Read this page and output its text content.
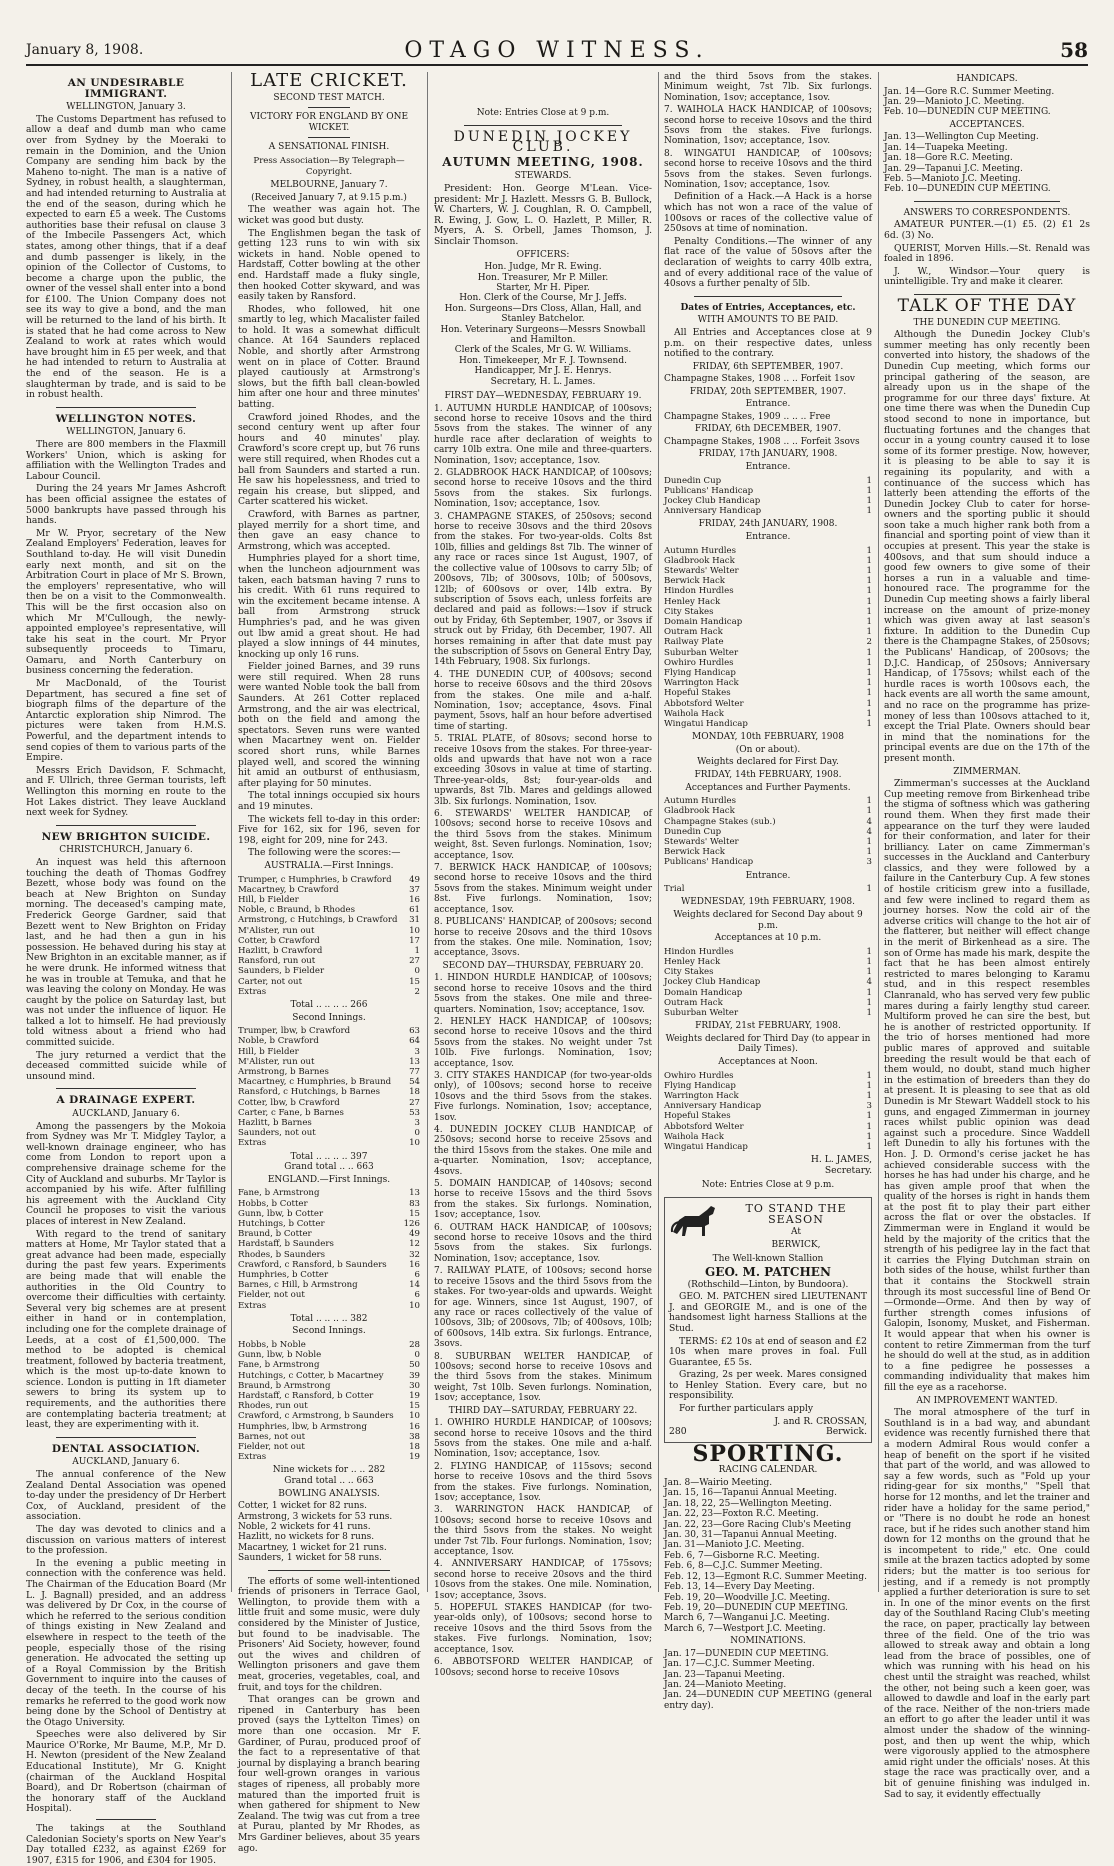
January 8, 1908.	OTAGO WITNESS.	58
AN UNDESIRABLE IMMIGRANT.
WELLINGTON, January 3.

The Customs Department has refused to allow a deaf and dumb man who came over from Sydney by the Moeraki to remain in the Dominion, and the Union Company are sending him back by the Maheno to-night. The man is a native of Sydney, in robust health, a slaughterman, and had intended returning to Australia at the end of the season, during which he expected to earn £5 a week. The Customs authorities base their refusal on clause 3 of the Imbecile Passengers Act, which states, among other things, that if a deaf and dumb passenger is likely, in the opinion of the Collector of Customs, to become a charge upon the public, the owner of the vessel shall enter into a bond for £100. The Union Company does not see its way to give a bond, and the man will be returned to the land of his birth. It is stated that he had come across to New Zealand to work at rates which would have brought him in £5 per week, and that he had intended to return to Australia at the end of the season. He is a slaughterman by trade, and is said to be in robust health.

WELLINGTON NOTES.
WELLINGTON, January 6.

There are 800 members in the Flaxmill Workers' Union, which is asking for affiliation with the Wellington Trades and Labour Council.

During the 24 years Mr James Ashcroft has been official assignee the estates of 5000 bankrupts have passed through his hands.

Mr W. Pryor, secretary of the New Zealand Employers' Federation, leaves for Southland to-day. He will visit Dunedin early next month, and sit on the Arbitration Court in place of Mr S. Brown, the employers' representative, who will then be on a visit to the Commonwealth. This will be the first occasion also on which Mr M'Cullough, the newly-appointed employee's representative, will take his seat in the court. Mr Pryor subsequently proceeds to Timaru, Oamaru, and North Canterbury on business concerning the federation.

Mr MacDonald, of the Tourist Department, has secured a fine set of biograph films of the departure of the Antarctic exploration ship Nimrod. The pictures were taken from H.M.S. Powerful, and the department intends to send copies of them to various parts of the Empire.

Messrs Erich Davidson, F. Schmacht, and F. Ullrich, three German tourists, left Wellington this morning en route to the Hot Lakes district. They leave Auckland next week for Sydney.

NEW BRIGHTON SUICIDE.
CHRISTCHURCH, January 6.

An inquest was held this afternoon touching the death of Thomas Godfrey Bezett, whose body was found on the beach at New Brighton on Sunday morning. The deceased's camping mate, Frederick George Gardner, said that Bezett went to New Brighton on Friday last, and he had then a gun in his possession. He behaved during his stay at New Brighton in an excitable manner, as if he were drunk. He informed witness that he was in trouble at Temuka, and that he was leaving the colony on Monday. He was caught by the police on Saturday last, but was not under the influence of liquor. He talked a lot to himself. He had previously told witness about a friend who had committed suicide.

The jury returned a verdict that the deceased committed suicide while of unsound mind.

A DRAINAGE EXPERT.
AUCKLAND, January 6.

Among the passengers by the Mokoia from Sydney was Mr T. Midgley Taylor, a well-known drainage engineer, who has come from London to report upon a comprehensive drainage scheme for the City of Auckland and suburbs. Mr Taylor is accompanied by his wife. After fulfilling his agreement with the Auckland City Council he proposes to visit the various places of interest in New Zealand.

With regard to the trend of sanitary matters at Home, Mr Taylor stated that a great advance had been made, especially during the past few years. Experiments are being made that will enable the authorities in the Old Country to overcome their difficulties with certainty. Several very big schemes are at present either in hand or in contemplation, including one for the complete drainage of Leeds, at a cost of £1,500,000. The method to be adopted is chemical treatment, followed by bacteria treatment, which is the most up-to-date known to science. London is putting in 1ft diameter sewers to bring its system up to requirements, and the authorities there are contemplating bacteria treatment; at least, they are experimenting with it.

DENTAL ASSOCIATION.
AUCKLAND, January 6.

The annual conference of the New Zealand Dental Association was opened to-day under the presidency of Dr Herbert Cox, of Auckland, president of the association.

The day was devoted to clinics and a discussion on various matters of interest to the profession.

In the evening a public meeting in connection with the conference was held. The Chairman of the Education Board (Mr L. J. Bagnall) presided, and an address was delivered by Dr Cox, in the course of which he referred to the serious condition of things existing in New Zealand and elsewhere in respect to the teeth of the people, especially those of the rising generation. He advocated the setting up of a Royal Commission by the British Government to inquire into the causes of decay of the teeth. In the course of his remarks he referred to the good work now being done by the School of Dentistry at the Otago University.

Speeches were also delivered by Sir Maurice O'Rorke, Mr Baume, M.P., Mr D. H. Newton (president of the New Zealand Educational Institute), Mr G. Knight (chairman of the Auckland Hospital Board), and Dr Robertson (chairman of the honorary staff of the Auckland Hospital).

The takings at the Southland Caledonian Society's sports on New Year's Day totalled £232, as against £269 for 1907, £315 for 1906, and £304 for 1905.

LATE CRICKET.
SECOND TEST MATCH.
VICTORY FOR ENGLAND BY ONE WICKET.
A SENSATIONAL FINISH.
Press Association—By Telegraph—Copyright.
MELBOURNE, January 7.
(Received January 7, at 9.15 p.m.)

The weather was again hot. The wicket was good but dusty.

The Englishmen began the task of getting 123 runs to win with six wickets in hand. Noble opened to Hardstaff, Cotter bowling at the other end. Hardstaff made a fluky single, then hooked Cotter skyward, and was easily taken by Ransford.

Rhodes, who followed, hit one smartly to leg, which Macalister failed to hold. It was a somewhat difficult chance. At 164 Saunders replaced Noble, and shortly after Armstrong went on in place of Cotter. Braund played cautiously at Armstrong's slows, but the fifth ball clean-bowled him after one hour and three minutes' batting.

Crawford joined Rhodes, and the second century went up after four hours and 40 minutes' play. Crawford's score crept up, but 76 runs were still required, when Rhodes cut a ball from Saunders and started a run. He saw his hopelessness, and tried to regain his crease, but slipped, and Carter scattered his wicket.

Crawford, with Barnes as partner, played merrily for a short time, and then gave an easy chance to Armstrong, which was accepted.

Humphries played for a short time, when the luncheon adjournment was taken, each batsman having 7 runs to his credit. With 61 runs required to win the excitement became intense. A ball from Armstrong struck Humphries's pad, and he was given out lbw amid a great shout. He had played a slow innings of 44 minutes, knocking up only 16 runs.

Fielder joined Barnes, and 39 runs were still required. When 28 runs were wanted Noble took the ball from Saunders. At 261 Cotter replaced Armstrong, and the air was electrical, both on the field and among the spectators. Seven runs were wanted when Macartney went on. Fielder scored short runs, while Barnes played well, and scored the winning hit amid an outburst of enthusiasm, after playing for 50 minutes.

The total innings occupied six hours and 19 minutes.

The wickets fell to-day in this order: Five for 162, six for 196, seven for 198, eight for 209, nine for 243.

The following were the scores:—

AUSTRALIA.—First Innings.
Trumper, c Humphries, b Crawford	49
Macartney, b Crawford	37
Hill, b Fielder	16
Noble, c Braund, b Rhodes	61
Armstrong, c Hutchings, b Crawford	31
M'Alister, run out	10
Cotter, b Crawford	17
Hazlitt, b Crawford	1
Ransford, run out	27
Saunders, b Fielder	0
Carter, not out	15
Extras	2
Total .. .. .. .. 266
Second Innings.
Trumper, lbw, b Crawford	63
Noble, b Crawford	64
Hill, b Fielder	3
M'Alister, run out	13
Armstrong, b Barnes	77
Macartney, c Humphries, b Braund	54
Ransford, c Hutchings, b Barnes	18
Cotter, lbw, b Crawford	27
Carter, c Fane, b Barnes	53
Hazlitt, b Barnes	3
Saunders, not out	0
Extras	10
Total .. .. .. .. 397
Grand total .. .. 663
ENGLAND.—First Innings.
Fane, b Armstrong	13
Hobbs, b Cotter	83
Gunn, lbw, b Cotter	15
Hutchings, b Cotter	126
Braund, b Cotter	49
Hardstaff, b Saunders	12
Rhodes, b Saunders	32
Crawford, c Ransford, b Saunders	16
Humphries, b Cotter	6
Barnes, c Hill, b Armstrong	14
Fielder, not out	6
Extras	10
Total .. .. .. .. 382
Second Innings.
Hobbs, b Noble	28
Gunn, lbw, b Noble	0
Fane, b Armstrong	50
Hutchings, c Cotter, b Macartney	39
Braund, b Armstrong	30
Hardstaff, c Ransford, b Cotter	19
Rhodes, run out	15
Crawford, c Armstrong, b Saunders	10
Humphries, lbw, b Armstrong	16
Barnes, not out	38
Fielder, not out	18
Extras	19
Nine wickets for .. .. 282
Grand total .. .. 663
BOWLING ANALYSIS.
Cotter, 1 wicket for 82 runs.
Armstrong, 3 wickets for 53 runs.
Noble, 2 wickets for 41 runs.
Hazlitt, no wickets for 8 runs.
Macartney, 1 wicket for 21 runs.
Saunders, 1 wicket for 58 runs.

The efforts of some well-intentioned friends of prisoners in Terrace Gaol, Wellington, to provide them with a little fruit and some music, were duly considered by the Minister of Justice, but found to be inadvisable. The Prisoners' Aid Society, however, found out the wives and children of Wellington prisoners and gave them meat, groceries, vegetables, coal, and fruit, and toys for the children.

That oranges can be grown and ripened in Canterbury has been proved (says the Lyttelton Times) on more than one occasion. Mr F. Gardiner, of Purau, produced proof of the fact to a representative of that journal by displaying a branch bearing four well-grown oranges in various stages of ripeness, all probably more matured than the imported fruit is when gathered for shipment to New Zealand. The twig was cut from a tree at Purau, planted by Mr Rhodes, as Mrs Gardiner believes, about 35 years ago.

Note: Entries Close at 9 p.m.
DUNEDIN JOCKEY CLUB.
AUTUMN MEETING, 1908.
STEWARDS.

President: Hon. George M'Lean. Vice-president: Mr J. Hazlett. Messrs G. B. Bullock, W. Charters, W. J. Coughlan, R. O. Campbell, R. Ewing, J. Gow, L. O. Hazlett, P. Miller, R. Myers, A. S. Orbell, James Thomson, J. Sinclair Thomson.

OFFICERS:
Hon. Judge, Mr R. Ewing.
Hon. Treasurer, Mr P. Miller.
Starter, Mr H. Piper.
Hon. Clerk of the Course, Mr J. Jeffs.
Hon. Surgeons—Drs Closs, Allan, Hall, and Stanley Batchelor.
Hon. Veterinary Surgeons—Messrs Snowball and Hamilton.
Clerk of the Scales, Mr G. W. Williams.
Hon. Timekeeper, Mr F. J. Townsend.
Handicapper, Mr J. E. Henrys.
Secretary, H. L. James.
FIRST DAY—WEDNESDAY, FEBRUARY 19.
1. AUTUMN HURDLE HANDICAP, of 100sovs; second horse to receive 10sovs and the third 5sovs from the stakes. The winner of any hurdle race after declaration of weights to carry 10lb extra. One mile and three-quarters. Nomination, 1sov; acceptance, 1sov.
2. GLADBROOK HACK HANDICAP, of 100sovs; second horse to receive 10sovs and the third 5sovs from the stakes. Six furlongs. Nomination, 1sov; acceptance, 1sov.
3. CHAMPAGNE STAKES, of 250sovs; second horse to receive 30sovs and the third 20sovs from the stakes. For two-year-olds. Colts 8st 10lb, fillies and geldings 8st 7lb. The winner of any race or races since 1st August, 1907, of the collective value of 100sovs to carry 5lb; of 200sovs, 7lb; of 300sovs, 10lb; of 500sovs, 12lb; of 600sovs or over, 14lb extra. By subscription of 5sovs each, unless forfeits are declared and paid as follows:—1sov if struck out by Friday, 6th September, 1907, or 3sovs if struck out by Friday, 6th December, 1907. All horses remaining in after that date must pay the subscription of 5sovs on General Entry Day, 14th February, 1908. Six furlongs.
4. THE DUNEDIN CUP, of 400sovs; second horse to receive 60sovs and the third 20sovs from the stakes. One mile and a-half. Nomination, 1sov; acceptance, 4sovs. Final payment, 5sovs, half an hour before advertised time of starting.
5. TRIAL PLATE, of 80sovs; second horse to receive 10sovs from the stakes. For three-year-olds and upwards that have not won a race exceeding 30sovs in value at time of starting. Three-year-olds, 8st; four-year-olds and upwards, 8st 7lb. Mares and geldings allowed 3lb. Six furlongs. Nomination, 1sov.
6. STEWARDS' WELTER HANDICAP, of 100sovs; second horse to receive 10sovs and the third 5sovs from the stakes. Minimum weight, 8st. Seven furlongs. Nomination, 1sov; acceptance, 1sov.
7. BERWICK HACK HANDICAP, of 100sovs; second horse to receive 10sovs and the third 5sovs from the stakes. Minimum weight under 8st. Five furlongs. Nomination, 1sov; acceptance, 1sov.
8. PUBLICANS' HANDICAP, of 200sovs; second horse to receive 20sovs and the third 10sovs from the stakes. One mile. Nomination, 1sov; acceptance, 3sovs.
SECOND DAY—THURSDAY, FEBRUARY 20.
1. HINDON HURDLE HANDICAP, of 100sovs; second horse to receive 10sovs and the third 5sovs from the stakes. One mile and three-quarters. Nomination, 1sov; acceptance, 1sov.
2. HENLEY HACK HANDICAP, of 100sovs; second horse to receive 10sovs and the third 5sovs from the stakes. No weight under 7st 10lb. Five furlongs. Nomination, 1sov; acceptance, 1sov.
3. CITY STAKES HANDICAP (for two-year-olds only), of 100sovs; second horse to receive 10sovs and the third 5sovs from the stakes. Five furlongs. Nomination, 1sov; acceptance, 1sov.
4. DUNEDIN JOCKEY CLUB HANDICAP, of 250sovs; second horse to receive 25sovs and the third 15sovs from the stakes. One mile and a-quarter. Nomination, 1sov; acceptance, 4sovs.
5. DOMAIN HANDICAP, of 140sovs; second horse to receive 15sovs and the third 5sovs from the stakes. Six furlongs. Nomination, 1sov; acceptance, 1sov.
6. OUTRAM HACK HANDICAP, of 100sovs; second horse to receive 10sovs and the third 5sovs from the stakes. Six furlongs. Nomination, 1sov; acceptance, 1sov.
7. RAILWAY PLATE, of 100sovs; second horse to receive 15sovs and the third 5sovs from the stakes. For two-year-olds and upwards. Weight for age. Winners, since 1st August, 1907, of any race or races collectively of the value of 100sovs, 3lb; of 200sovs, 7lb; of 400sovs, 10lb; of 600sovs, 14lb extra. Six furlongs. Entrance, 3sovs.
8. SUBURBAN WELTER HANDICAP, of 100sovs; second horse to receive 10sovs and the third 5sovs from the stakes. Minimum weight, 7st 10lb. Seven furlongs. Nomination, 1sov; acceptance, 1sov.
THIRD DAY—SATURDAY, FEBRUARY 22.
1. OWHIRO HURDLE HANDICAP, of 100sovs; second horse to receive 10sovs and the third 5sovs from the stakes. One mile and a-half. Nomination, 1sov; acceptance, 1sov.
2. FLYING HANDICAP, of 115sovs; second horse to receive 10sovs and the third 5sovs from the stakes. Five furlongs. Nomination, 1sov; acceptance, 1sov.
3. WARRINGTON HACK HANDICAP, of 100sovs; second horse to receive 10sovs and the third 5sovs from the stakes. No weight under 7st 7lb. Four furlongs. Nomination, 1sov; acceptance, 1sov.
4. ANNIVERSARY HANDICAP, of 175sovs; second horse to receive 20sovs and the third 10sovs from the stakes. One mile. Nomination, 1sov; acceptance, 3sovs.
5. HOPEFUL STAKES HANDICAP (for two-year-olds only), of 100sovs; second horse to receive 10sovs and the third 5sovs from the stakes. Five furlongs. Nomination, 1sov; acceptance, 1sov.
6. ABBOTSFORD WELTER HANDICAP, of 100sovs; second horse to receive 10sovs
and the third 5sovs from the stakes. Minimum weight, 7st 7lb. Six furlongs. Nomination, 1sov; acceptance, 1sov.
7. WAIHOLA HACK HANDICAP, of 100sovs; second horse to receive 10sovs and the third 5sovs from the stakes. Five furlongs. Nomination, 1sov; acceptance, 1sov.
8. WINGATUI HANDICAP, of 100sovs; second horse to receive 10sovs and the third 5sovs from the stakes. Seven furlongs. Nomination, 1sov; acceptance, 1sov.

Definition of a Hack.—A Hack is a horse which has not won a race of the value of 100sovs or races of the collective value of 250sovs at time of nomination.

Penalty Conditions.—The winner of any flat race of the value of 50sovs after the declaration of weights to carry 40lb extra, and of every additional race of the value of 40sovs a further penalty of 5lb.

Dates of Entries, Acceptances, etc.
WITH AMOUNTS TO BE PAID.

All Entries and Acceptances close at 9 p.m. on their respective dates, unless notified to the contrary.

FRIDAY, 6th SEPTEMBER, 1907.
Champagne Stakes, 1908 .. .. Forfeit 1sov
FRIDAY, 20th SEPTEMBER, 1907.
Entrance.
Champagne Stakes, 1909 .. .. .. Free
FRIDAY, 6th DECEMBER, 1907.
Champagne Stakes, 1908 .. .. Forfeit 3sovs
FRIDAY, 17th JANUARY, 1908.
Entrance.
Dunedin Cup	1
Publicans' Handicap	1
Jockey Club Handicap	1
Anniversary Handicap	1
FRIDAY, 24th JANUARY, 1908.
Entrance.
Autumn Hurdles	1
Gladbrook Hack	1
Stewards' Welter	1
Berwick Hack	1
Hindon Hurdles	1
Henley Hack	1
City Stakes	1
Domain Handicap	1
Outram Hack	1
Railway Plate	2
Suburban Welter	1
Owhiro Hurdles	1
Flying Handicap	1
Warrington Hack	1
Hopeful Stakes	1
Abbotsford Welter	1
Waihola Hack	1
Wingatui Handicap	1
MONDAY, 10th FEBRUARY, 1908
(On or about).
Weights declared for First Day.
FRIDAY, 14th FEBRUARY, 1908.
Acceptances and Further Payments.
Autumn Hurdles	1
Gladbrook Hack	1
Champagne Stakes (sub.)	4
Dunedin Cup	4
Stewards' Welter	1
Berwick Hack	1
Publicans' Handicap	3
Entrance.
Trial	1
WEDNESDAY, 19th FEBRUARY, 1908.
Weights declared for Second Day about 9 p.m.
Acceptances at 10 p.m.
Hindon Hurdles	1
Henley Hack	1
City Stakes	1
Jockey Club Handicap	4
Domain Handicap	1
Outram Hack	1
Suburban Welter	1
FRIDAY, 21st FEBRUARY, 1908.
Weights declared for Third Day (to appear in Daily Times).
Acceptances at Noon.
Owhiro Hurdles	1
Flying Handicap	1
Warrington Hack	1
Anniversary Handicap	3
Hopeful Stakes	1
Abbotsford Welter	1
Waihola Hack	1
Wingatui Handicap	1
H. L. JAMES,
Secretary.
Note: Entries Close at 9 p.m.
TO STAND THE SEASON
At
BERWICK,
The Well-known Stallion
GEO. M. PATCHEN
(Rothschild—Linton, by Bundoora).

GEO. M. PATCHEN sired LIEUTENANT J. and GEORGIE M., and is one of the handsomest light harness Stallions at the Stud.

TERMS: £2 10s at end of season and £2 10s when mare proves in foal. Full Guarantee, £5 5s.

Grazing, 2s per week. Mares consigned to Henley Station. Every care, but no responsibility.

For further particulars apply

J. and R. CROSSAN,
280	Berwick.
SPORTING.
RACING CALENDAR.
Jan. 8—Wairio Meeting.
Jan. 15, 16—Tapanui Annual Meeting.
Jan. 18, 22, 25—Wellington Meeting.
Jan. 22, 23—Foxton R.C. Meeting.
Jan. 22, 23—Gore Racing Club's Meeting
Jan. 30, 31—Tapanui Annual Meeting.
Jan. 31—Manioto J.C. Meeting.
Feb. 6, 7—Gisborne R.C. Meeting.
Feb. 6, 8—C.J.C. Summer Meeting.
Feb. 12, 13—Egmont R.C. Summer Meeting.
Feb. 13, 14—Every Day Meeting.
Feb. 19, 20—Woodville J.C. Meeting.
Feb. 19, 20—DUNEDIN CUP MEETING.
March 6, 7—Wanganui J.C. Meeting.
March 6, 7—Westport J.C. Meeting.
NOMINATIONS.
Jan. 17—DUNEDIN CUP MEETING.
Jan. 17—C.J.C. Summer Meeting.
Jan. 23—Tapanui Meeting.
Jan. 24—Manioto Meeting.
Jan. 24—DUNEDIN CUP MEETING (general entry day).
HANDICAPS.
Jan. 14—Gore R.C. Summer Meeting.
Jan. 29—Manioto J.C. Meeting.
Feb. 10—DUNEDIN CUP MEETING.
ACCEPTANCES.
Jan. 13—Wellington Cup Meeting.
Jan. 14—Tuapeka Meeting.
Jan. 18—Gore R.C. Meeting.
Jan. 29—Tapanui J.C. Meeting.
Feb. 5—Manioto J.C. Meeting.
Feb. 10—DUNEDIN CUP MEETING.
ANSWERS TO CORRESPONDENTS.

AMATEUR PUNTER.—(1) £5. (2) £1 2s 6d. (3) No.

QUERIST, Morven Hills.—St. Renald was foaled in 1896.

J. W., Windsor.—Your query is unintelligible. Try and make it clearer.

TALK OF THE DAY
THE DUNEDIN CUP MEETING.

Although the Dunedin Jockey Club's summer meeting has only recently been converted into history, the shadows of the Dunedin Cup meeting, which forms our principal gathering of the season, are already upon us in the shape of the programme for our three days' fixture. At one time there was when the Dunedin Cup stood second to none in importance, but fluctuating fortunes and the changes that occur in a young country caused it to lose some of its former prestige. Now, however, it is pleasing to be able to say it is regaining its popularity, and with a continuance of the success which has latterly been attending the efforts of the Dunedin Jockey Club to cater for horse-owners and the sporting public it should soon take a much higher rank both from a financial and sporting point of view than it occupies at present. This year the stake is 400sovs, and that sum should induce a good few owners to give some of their horses a run in a valuable and time-honoured race. The programme for the Dunedin Cup meeting shows a fairly liberal increase on the amount of prize-money which was given away at last season's fixture. In addition to the Dunedin Cup there is the Champagne Stakes, of 250sovs; the Publicans' Handicap, of 200sovs; the D.J.C. Handicap, of 250sovs; Anniversary Handicap, of 175sovs; whilst each of the hurdle races is worth 100sovs each, the hack events are all worth the same amount, and no race on the programme has prize-money of less than 100sovs attached to it, except the Trial Plate. Owners should bear in mind that the nominations for the principal events are due on the 17th of the present month.

ZIMMERMAN.

Zimmerman's successes at the Auckland Cup meeting remove from Birkenhead tribe the stigma of softness which was gathering round them. When they first made their appearance on the turf they were lauded for their conformation, and later for their brilliancy. Later on came Zimmerman's successes in the Auckland and Canterbury classics, and they were followed by a failure in the Canterbury Cup. A few stones of hostile criticism grew into a fusillade, and few were inclined to regard them as journey horses. Now the cold air of the adverse critics will change to the hot air of the flatterer, but neither will effect change in the merit of Birkenhead as a sire. The son of Orme has made his mark, despite the fact that he has been almost entirely restricted to mares belonging to Karamu stud, and in this respect resembles Clanranald, who has served very few public mares during a fairly lengthy stud career. Multiform proved he can sire the best, but he is another of restricted opportunity. If the trio of horses mentioned had more public mares of approved and suitable breeding the result would be that each of them would, no doubt, stand much higher in the estimation of breeders than they do at present. It is pleasing to see that as old Dunedin is Mr Stewart Waddell stock to his guns, and engaged Zimmerman in journey races whilst public opinion was dead against such a procedure. Since Waddell left Dunedin to ally his fortunes with the Hon. J. D. Ormond's cerise jacket he has achieved considerable success with the horses he has had under his charge, and he has given ample proof that when the quality of the horses is right in hands them at the post fit to play their part either across the flat or over the obstacles. If Zimmerman were in England it would be held by the majority of the critics that the strength of his pedigree lay in the fact that it carries the Flying Dutchman strain on both sides of the house, whilst further than that it contains the Stockwell strain through its most successful line of Bend Or—Ormonde—Orme. And then by way of further strength comes infusions of Galopin, Isonomy, Musket, and Fisherman. It would appear that when his owner is content to retire Zimmerman from the turf he should do well at the stud, as in addition to a fine pedigree he possesses a commanding individuality that makes him fill the eye as a racehorse.

AN IMPROVEMENT WANTED.

The moral atmosphere of the turf in Southland is in a bad way, and abundant evidence was recently furnished there that a modern Admiral Rous would confer a heap of benefit on the sport if he visited that part of the world, and was allowed to say a few words, such as "Fold up your riding-gear for six months," "Spell that horse for 12 months, and let the trainer and rider have a holiday for the same period," or "There is no doubt he rode an honest race, but if he rides such another stand him down for 12 months on the ground that he is incompetent to ride," etc. One could smile at the brazen tactics adopted by some riders; but the matter is too serious for jesting, and if a remedy is not promptly applied a further deterioration is sure to set in. In one of the minor events on the first day of the Southland Racing Club's meeting the race, on paper, practically lay between three of the field. One of the trio was allowed to streak away and obtain a long lead from the brace of possibles, one of which was running with his head on his chest until the straight was reached, whilst the other, not being such a keen goer, was allowed to dawdle and loaf in the early part of the race. Neither of the non-triers made an effort to go after the leader until it was almost under the shadow of the winning-post, and then up went the whip, which were vigorously applied to the atmosphere amid right under the officials' noses. At this stage the race was practically over, and a bit of genuine finishing was indulged in. Sad to say, it evidently effectually
